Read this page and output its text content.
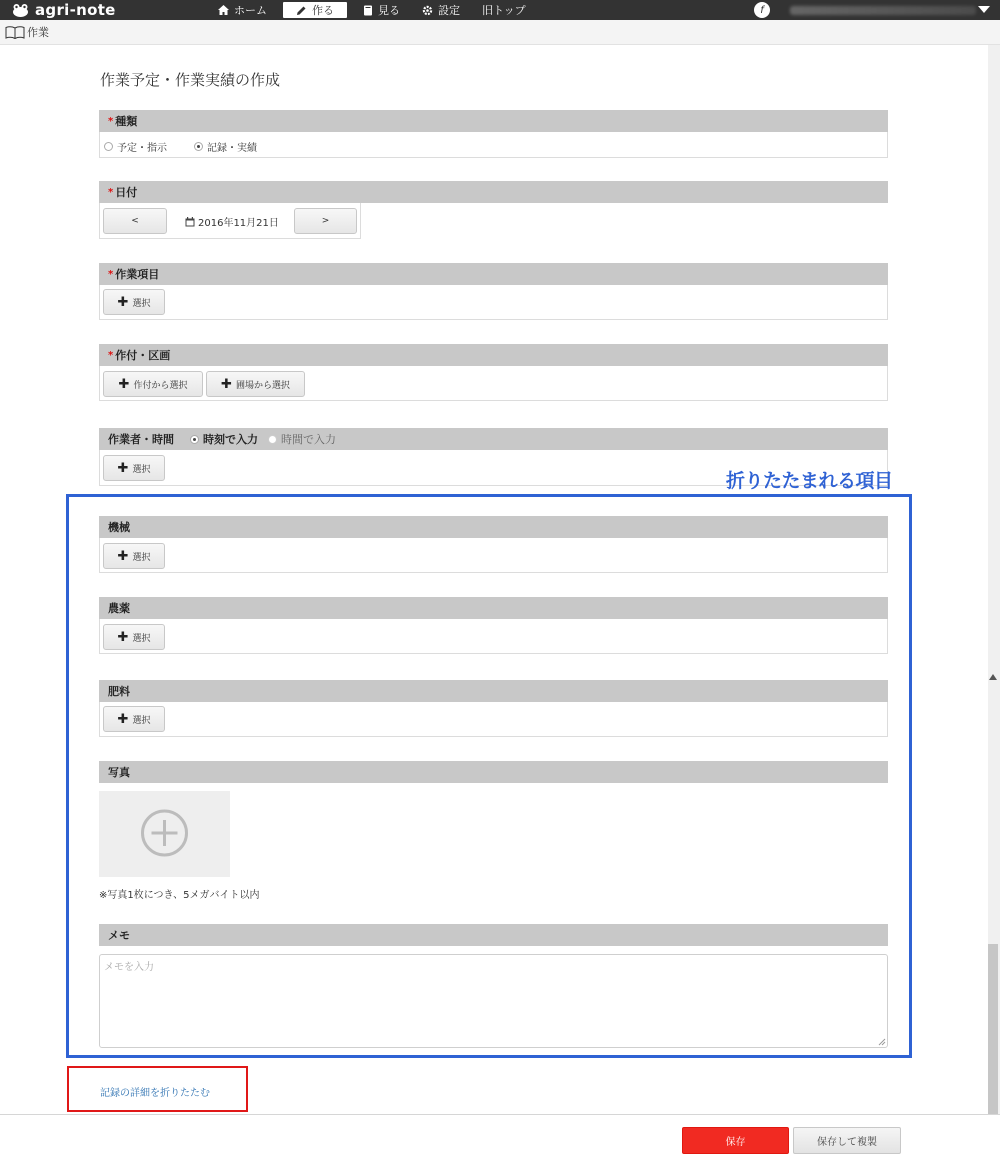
agri-note	ホーム	作る	見る	設定 旧トップ	f
作業
作業予定・作業実績の作成
* 種類
予定・指示	記録・実績
* 日付
<	2016年11月21日	>
* 作業項目
✚ 選択
* 作付・区画
✚ 作付から選択	✚ 圃場から選択
作業者・時間	時刻で入力 時間で入力
✚ 選択
機械
✚ 選択
農薬
✚ 選択
肥料
✚ 選択
写真
※写真1枚につき、5メガバイト以内
メモ
メモを入力
折りたたまれる項目
記録の詳細を折りたたむ
保存	保存して複製
